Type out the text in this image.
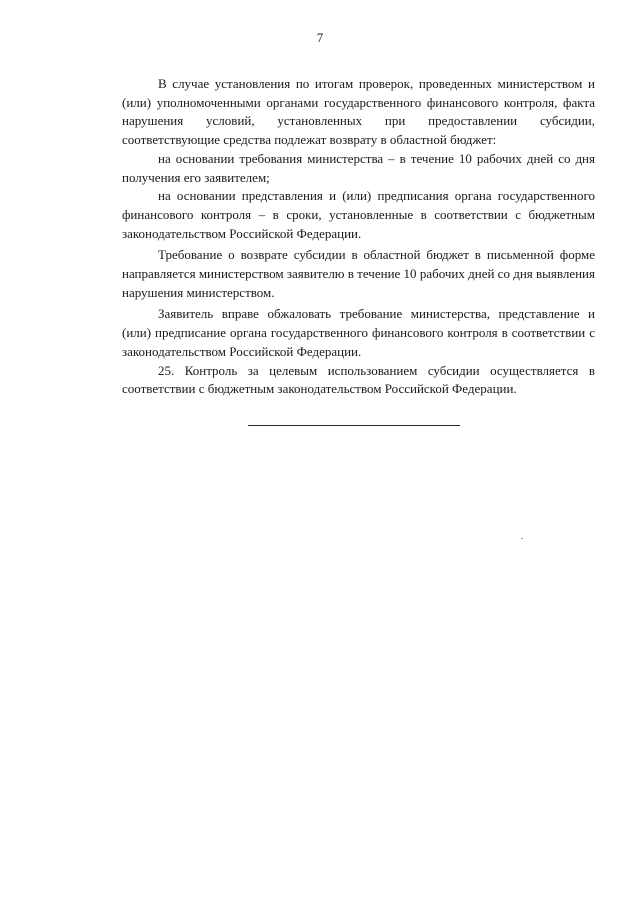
7

В случае установления по итогам проверок, проведенных министерством и (или) уполномоченными органами государственного финансового контроля, факта нарушения условий, установленных при предоставлении субсидии, соответствующие средства подлежат возврату в областной бюджет:

на основании требования министерства – в течение 10 рабочих дней со дня получения его заявителем;

на основании представления и (или) предписания органа государственного финансового контроля – в сроки, установленные в соответствии с бюджетным законодательством Российской Федерации.

Требование о возврате субсидии в областной бюджет в письменной форме направляется министерством заявителю в течение 10 рабочих дней со дня выявления нарушения министерством.

Заявитель вправе обжаловать требование министерства, представление и (или) предписание органа государственного финансового контроля в соответствии с законодательством Российской Федерации.

25. Контроль за целевым использованием субсидии осуществляется в соответствии с бюджетным законодательством Российской Федерации.
